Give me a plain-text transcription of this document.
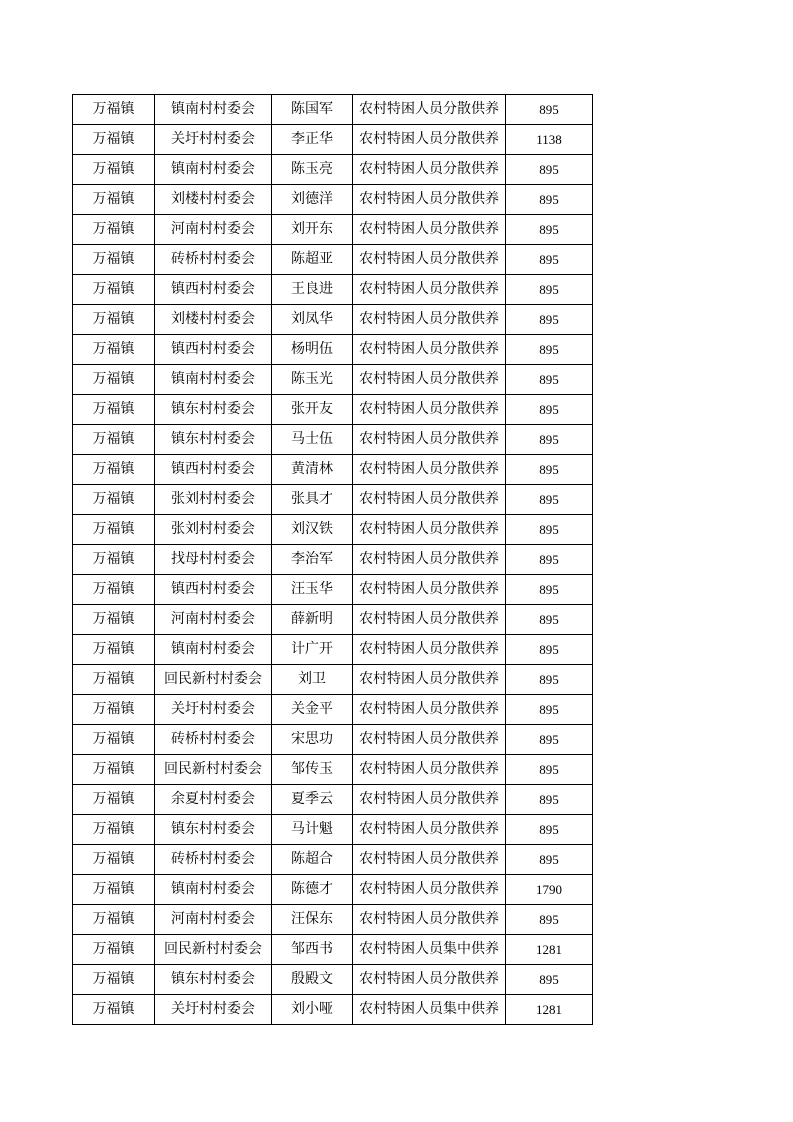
万福镇	镇南村村委会	陈国军	农村特困人员分散供养	895
万福镇	关圩村村委会	李正华	农村特困人员分散供养	1138
万福镇	镇南村村委会	陈玉亮	农村特困人员分散供养	895
万福镇	刘楼村村委会	刘德洋	农村特困人员分散供养	895
万福镇	河南村村委会	刘开东	农村特困人员分散供养	895
万福镇	砖桥村村委会	陈超亚	农村特困人员分散供养	895
万福镇	镇西村村委会	王良进	农村特困人员分散供养	895
万福镇	刘楼村村委会	刘凤华	农村特困人员分散供养	895
万福镇	镇西村村委会	杨明伍	农村特困人员分散供养	895
万福镇	镇南村村委会	陈玉光	农村特困人员分散供养	895
万福镇	镇东村村委会	张开友	农村特困人员分散供养	895
万福镇	镇东村村委会	马士伍	农村特困人员分散供养	895
万福镇	镇西村村委会	黄清林	农村特困人员分散供养	895
万福镇	张刘村村委会	张具才	农村特困人员分散供养	895
万福镇	张刘村村委会	刘汉铁	农村特困人员分散供养	895
万福镇	找母村村委会	李治军	农村特困人员分散供养	895
万福镇	镇西村村委会	汪玉华	农村特困人员分散供养	895
万福镇	河南村村委会	薛新明	农村特困人员分散供养	895
万福镇	镇南村村委会	计广开	农村特困人员分散供养	895
万福镇	回民新村村委会	刘卫	农村特困人员分散供养	895
万福镇	关圩村村委会	关金平	农村特困人员分散供养	895
万福镇	砖桥村村委会	宋思功	农村特困人员分散供养	895
万福镇	回民新村村委会	邹传玉	农村特困人员分散供养	895
万福镇	余夏村村委会	夏季云	农村特困人员分散供养	895
万福镇	镇东村村委会	马计魁	农村特困人员分散供养	895
万福镇	砖桥村村委会	陈超合	农村特困人员分散供养	895
万福镇	镇南村村委会	陈德才	农村特困人员分散供养	1790
万福镇	河南村村委会	汪保东	农村特困人员分散供养	895
万福镇	回民新村村委会	邹西书	农村特困人员集中供养	1281
万福镇	镇东村村委会	殷殿文	农村特困人员分散供养	895
万福镇	关圩村村委会	刘小哑	农村特困人员集中供养	1281
